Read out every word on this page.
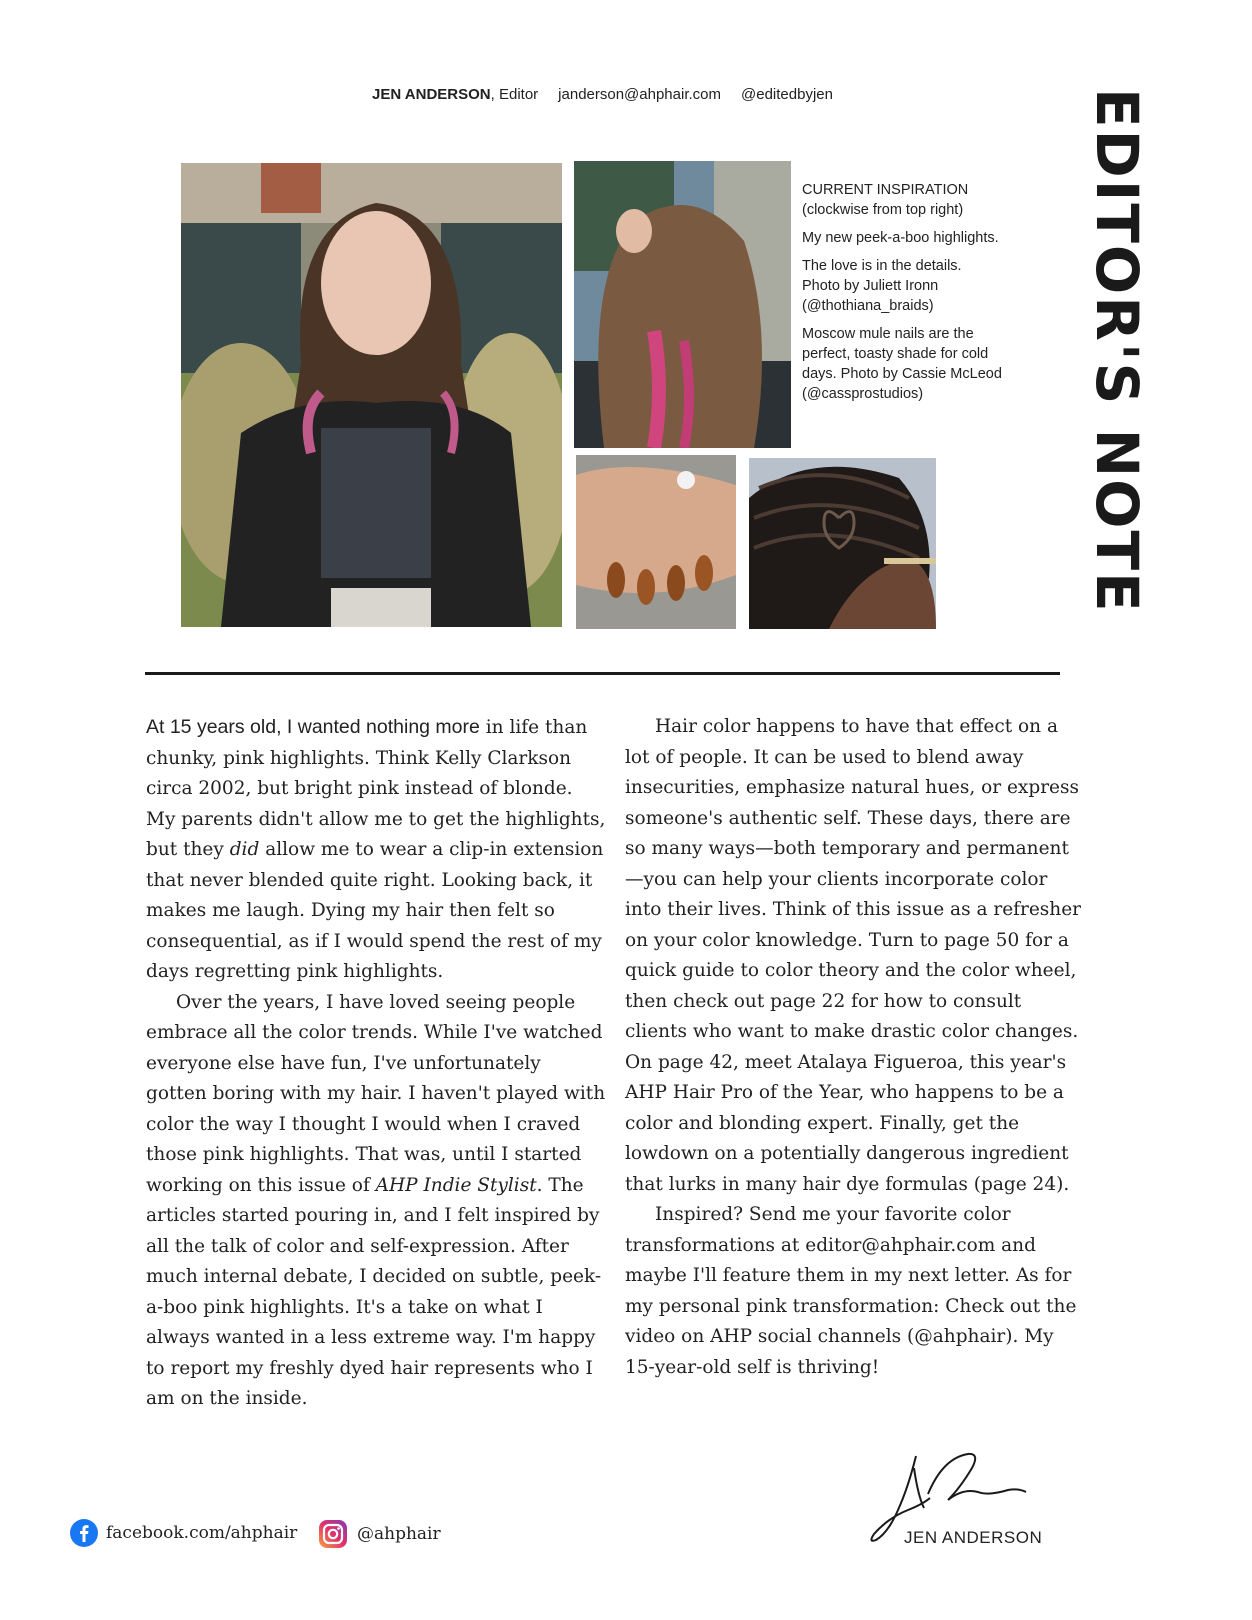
JEN ANDERSON, Editor janderson@ahphair.com @editedbyjen	EDITOR'S NOTE

CURRENT INSPIRATION
(clockwise from top right)

My new peek-a-boo highlights.

The love is in the details. Photo by Juliett Ironn (@thothiana_braids)

Moscow mule nails are the perfect, toasty shade for cold days. Photo by Cassie McLeod (@cassprostudios)

At 15 years old, I wanted nothing more in life than chunky, pink highlights. Think Kelly Clarkson circa 2002, but bright pink instead of blonde. My parents didn't allow me to get the highlights, but they did allow me to wear a clip-in extension that never blended quite right. Looking back, it makes me laugh. Dying my hair then felt so consequential, as if I would spend the rest of my days regretting pink highlights.

Over the years, I have loved seeing people embrace all the color trends. While I've watched everyone else have fun, I've unfortunately gotten boring with my hair. I haven't played with color the way I thought I would when I craved those pink highlights. That was, until I started working on this issue of AHP Indie Stylist. The articles started pouring in, and I felt inspired by all the talk of color and self-expression. After much internal debate, I decided on subtle, peek-a-boo pink highlights. It's a take on what I always wanted in a less extreme way. I'm happy to report my freshly dyed hair represents who I am on the inside.

Hair color happens to have that effect on a lot of people. It can be used to blend away insecurities, emphasize natural hues, or express someone's authentic self. These days, there are so many ways—both temporary and permanent—you can help your clients incorporate color into their lives. Think of this issue as a refresher on your color knowledge. Turn to page 50 for a quick guide to color theory and the color wheel, then check out page 22 for how to consult clients who want to make drastic color changes. On page 42, meet Atalaya Figueroa, this year's AHP Hair Pro of the Year, who happens to be a color and blonding expert. Finally, get the lowdown on a potentially dangerous ingredient that lurks in many hair dye formulas (page 24).

Inspired? Send me your favorite color transformations at editor@ahphair.com and maybe I'll feature them in my next letter. As for my personal pink transformation: Check out the video on AHP social channels (@ahphair). My 15-year-old self is thriving!

facebook.com/ahphair	@ahphair	JEN ANDERSON
